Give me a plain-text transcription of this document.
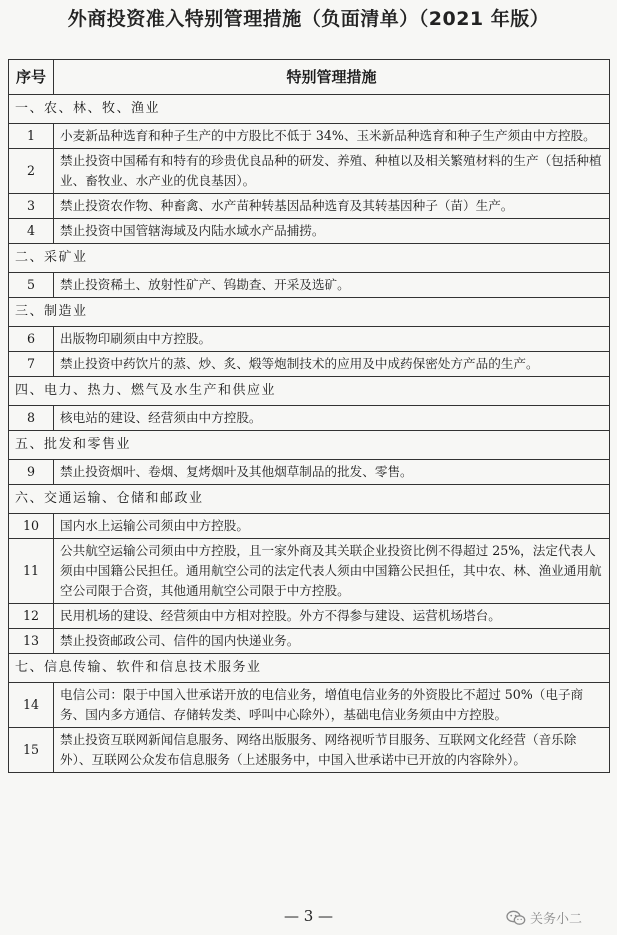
外商投资准入特别管理措施（负面清单）（2021 年版）
序号	特别管理措施
一、农、林、牧、渔业	
1	小麦新品种选育和种子生产的中方股比不低于 34%、玉米新品种选育和种子生产须由中方控股。
2	禁止投资中国稀有和特有的珍贵优良品种的研发、养殖、种植以及相关繁殖材料的生产（包括种植业、畜牧业、水产业的优良基因）。
3	禁止投资农作物、种畜禽、水产苗种转基因品种选育及其转基因种子（苗）生产。
4	禁止投资中国管辖海域及内陆水域水产品捕捞。
二、采矿业	
5	禁止投资稀土、放射性矿产、钨勘查、开采及选矿。
三、制造业	
6	出版物印刷须由中方控股。
7	禁止投资中药饮片的蒸、炒、炙、煅等炮制技术的应用及中成药保密处方产品的生产。
四、电力、热力、燃气及水生产和供应业	
8	核电站的建设、经营须由中方控股。
五、批发和零售业	
9	禁止投资烟叶、卷烟、复烤烟叶及其他烟草制品的批发、零售。
六、交通运输、仓储和邮政业	
10	国内水上运输公司须由中方控股。
11	公共航空运输公司须由中方控股，且一家外商及其关联企业投资比例不得超过 25%，法定代表人须由中国籍公民担任。通用航空公司的法定代表人须由中国籍公民担任，其中农、林、渔业通用航空公司限于合资，其他通用航空公司限于中方控股。
12	民用机场的建设、经营须由中方相对控股。外方不得参与建设、运营机场塔台。
13	禁止投资邮政公司、信件的国内快递业务。
七、信息传输、软件和信息技术服务业	
14	电信公司：限于中国入世承诺开放的电信业务，增值电信业务的外资股比不超过 50%（电子商务、国内多方通信、存储转发类、呼叫中心除外），基础电信业务须由中方控股。
15	禁止投资互联网新闻信息服务、网络出版服务、网络视听节目服务、互联网文化经营（音乐除外）、互联网公众发布信息服务（上述服务中，中国入世承诺中已开放的内容除外）。
— 3 —	关务小二
